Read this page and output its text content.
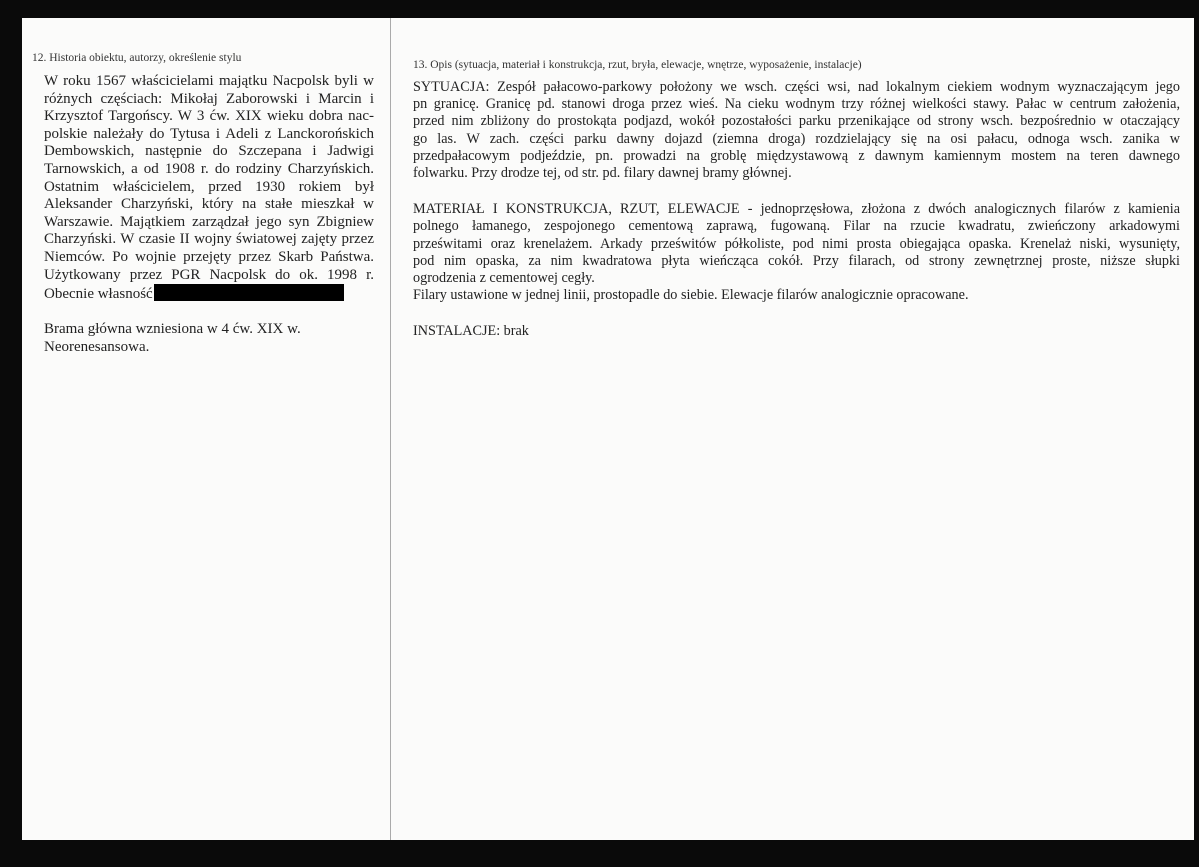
12. Historia obiektu, autorzy, określenie stylu
W roku 1567 właścicielami majątku Nacpolsk byli w
różnych częściach: Mikołaj Zaborowski i Marcin i
Krzysztof Targońscy. W 3 ćw. XIX wieku dobra nac-
polskie należały do Tytusa i Adeli z Lanckorońskich
Dembowskich, następnie do Szczepana i Jadwigi
Tarnowskich, a od 1908 r. do rodziny Charzyńskich.
Ostatnim właścicielem, przed 1930 rokiem był
Aleksander Charzyński, który na stałe mieszkał w
Warszawie. Majątkiem zarządzał jego syn Zbigniew
Charzyński. W czasie II wojny światowej zajęty przez
Niemców. Po wojnie przejęty przez Skarb Państwa.
Użytkowany przez PGR Nacpolsk do ok. 1998 r.
Obecnie własność
Brama główna wzniesiona w 4 ćw. XIX w.
Neorenesansowa.
13. Opis (sytuacja, materiał i konstrukcja, rzut, bryła, elewacje, wnętrze, wyposażenie, instalacje)
SYTUACJA: Zespół pałacowo-parkowy położony we wsch. części wsi, nad lokalnym ciekiem wodnym wyznaczającym jego
pn granicę. Granicę pd. stanowi droga przez wieś. Na cieku wodnym trzy różnej wielkości stawy. Pałac w centrum założenia,
przed nim zbliżony do prostokąta podjazd, wokół pozostałości parku przenikające od strony wsch. bezpośrednio w otaczający
go las. W zach. części parku dawny dojazd (ziemna droga) rozdzielający się na osi pałacu, odnoga wsch. zanika w
przedpałacowym podjeździe, pn. prowadzi na groblę międzystawową z dawnym kamiennym mostem na teren dawnego
folwarku. Przy drodze tej, od str. pd. filary dawnej bramy głównej.
MATERIAŁ I KONSTRUKCJA, RZUT, ELEWACJE - jednoprzęsłowa, złożona z dwóch analogicznych filarów z kamienia
polnego łamanego, zespojonego cementową zaprawą, fugowaną. Filar na rzucie kwadratu, zwieńczony arkadowymi
prześwitami oraz krenelażem. Arkady prześwitów półkoliste, pod nimi prosta obiegająca opaska. Krenelaż niski, wysunięty,
pod nim opaska, za nim kwadratowa płyta wieńcząca cokół. Przy filarach, od strony zewnętrznej proste, niższe słupki
ogrodzenia z cementowej cegły.
Filary ustawione w jednej linii, prostopadle do siebie. Elewacje filarów analogicznie opracowane.
INSTALACJE: brak
